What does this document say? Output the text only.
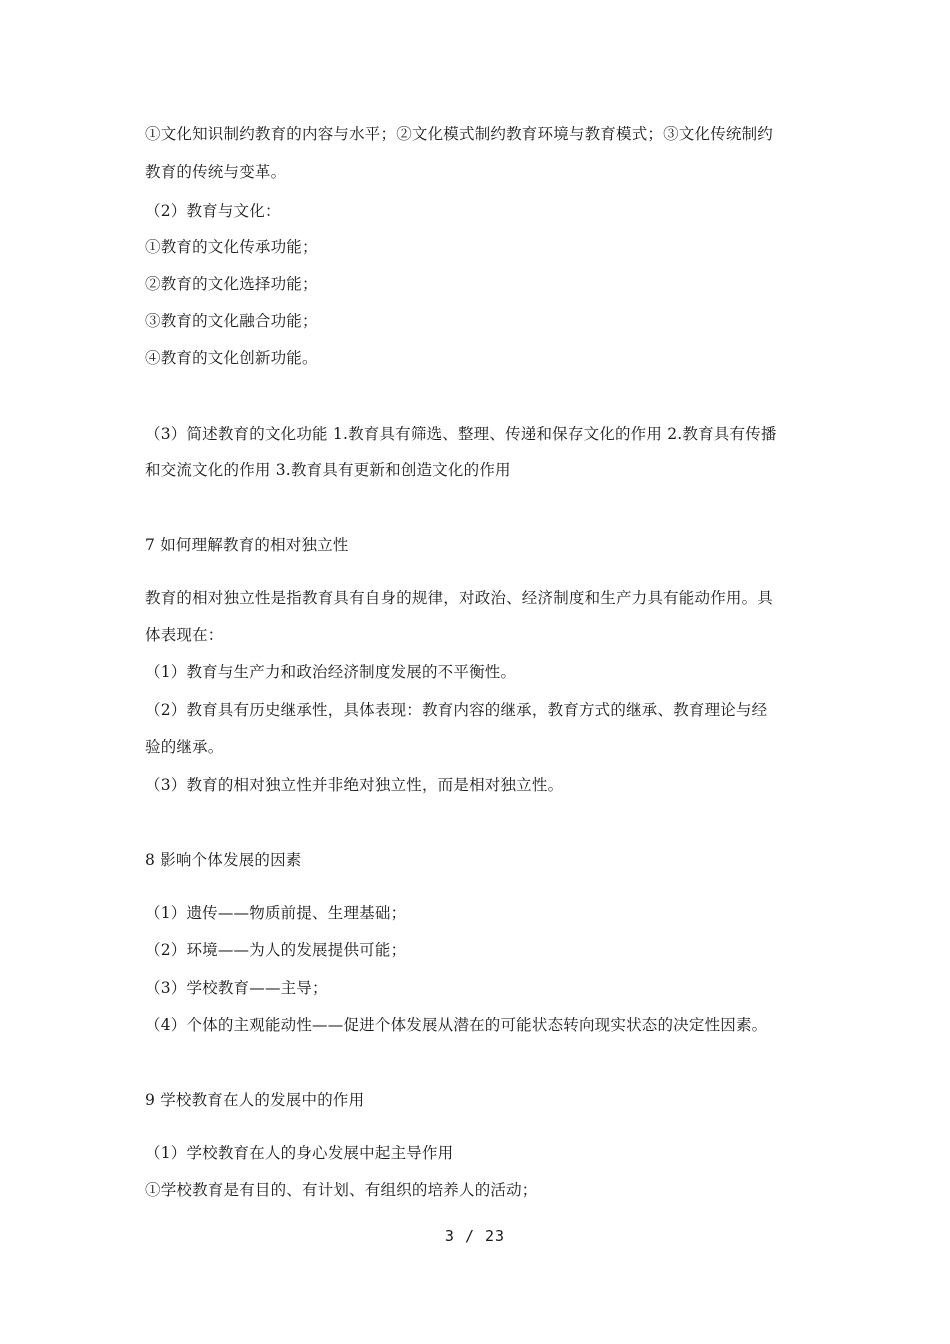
①文化知识制约教育的内容与水平；②文化模式制约教育环境与教育模式；③文化传统制约
教育的传统与变革。
（2）教育与文化：
①教育的文化传承功能；
②教育的文化选择功能；
③教育的文化融合功能；
④教育的文化创新功能。
（3）简述教育的文化功能 1.教育具有筛选、整理、传递和保存文化的作用 2.教育具有传播
和交流文化的作用 3.教育具有更新和创造文化的作用
7 如何理解教育的相对独立性
教育的相对独立性是指教育具有自身的规律，对政治、经济制度和生产力具有能动作用。具
体表现在：
（1）教育与生产力和政治经济制度发展的不平衡性。
（2）教育具有历史继承性，具体表现：教育内容的继承，教育方式的继承、教育理论与经
验的继承。
（3）教育的相对独立性并非绝对独立性，而是相对独立性。
8 影响个体发展的因素
（1）遗传——物质前提、生理基础；
（2）环境——为人的发展提供可能；
（3）学校教育——主导；
（4）个体的主观能动性——促进个体发展从潜在的可能状态转向现实状态的决定性因素。
9 学校教育在人的发展中的作用
（1）学校教育在人的身心发展中起主导作用
①学校教育是有目的、有计划、有组织的培养人的活动；
3 / 23
